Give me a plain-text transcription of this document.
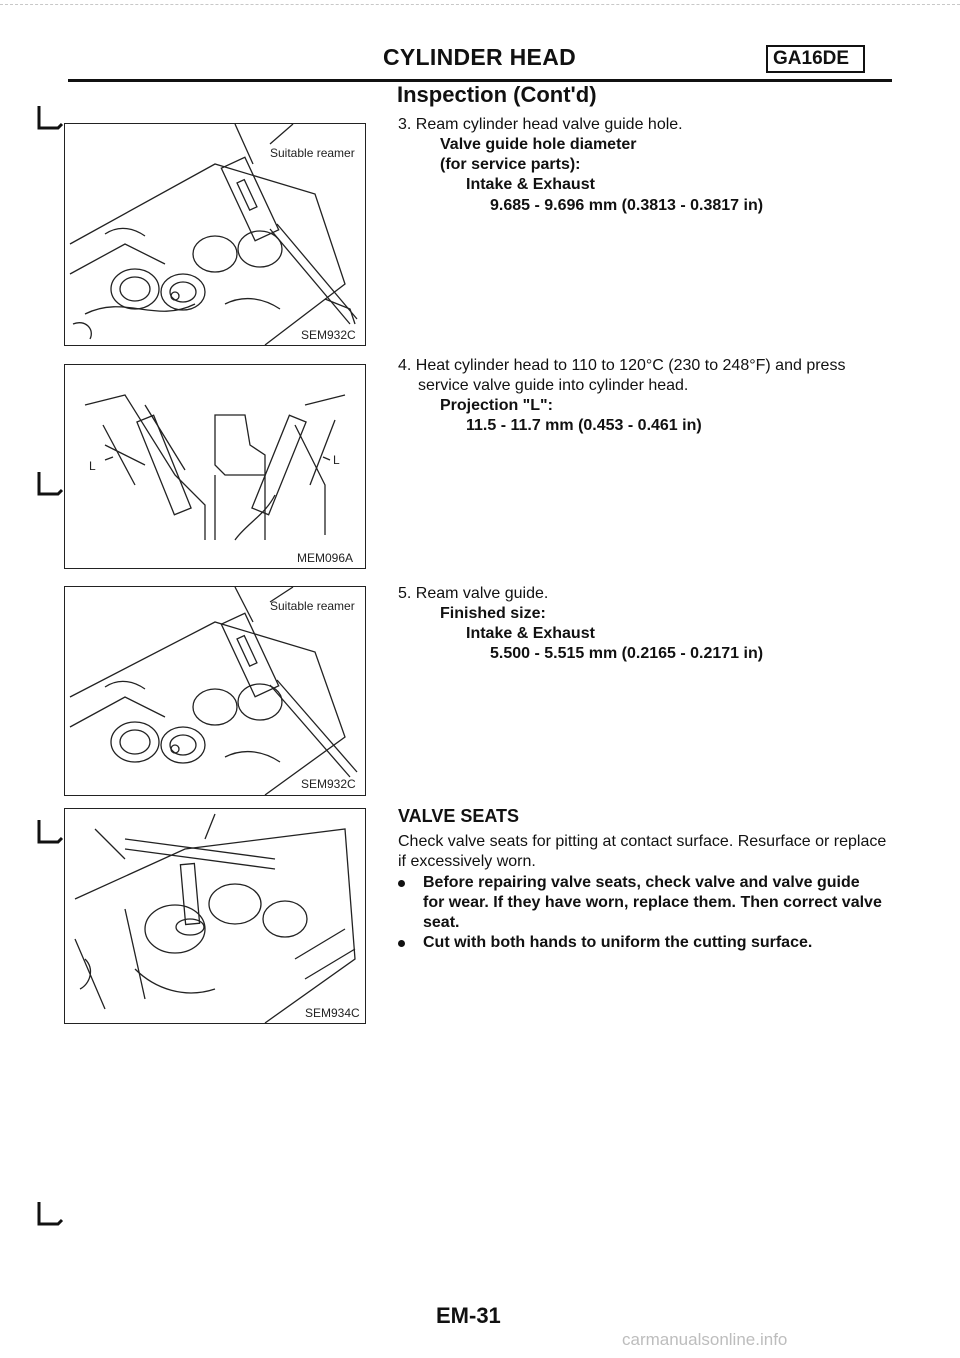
CYLINDER HEAD	GA16DE
Inspection (Cont'd)
Suitable reamer
SEM932C
L	L
MEM096A
Suitable reamer
SEM932C
SEM934C
3. Ream cylinder head valve guide hole.
Valve guide hole diameter
(for service parts):
Intake & Exhaust
9.685 - 9.696 mm (0.3813 - 0.3817 in)
4. Heat cylinder head to 110 to 120°C (230 to 248°F) and press
service valve guide into cylinder head.
Projection "L":
11.5 - 11.7 mm (0.453 - 0.461 in)
5. Ream valve guide.
Finished size:
Intake & Exhaust
5.500 - 5.515 mm (0.2165 - 0.2171 in)
VALVE SEATS
Check valve seats for pitting at contact surface. Resurface or replace if excessively worn.
Before repairing valve seats, check valve and valve guide for wear. If they have worn, replace them. Then correct valve seat.
Cut with both hands to uniform the cutting surface.
EM-31
carmanualsonline.info
